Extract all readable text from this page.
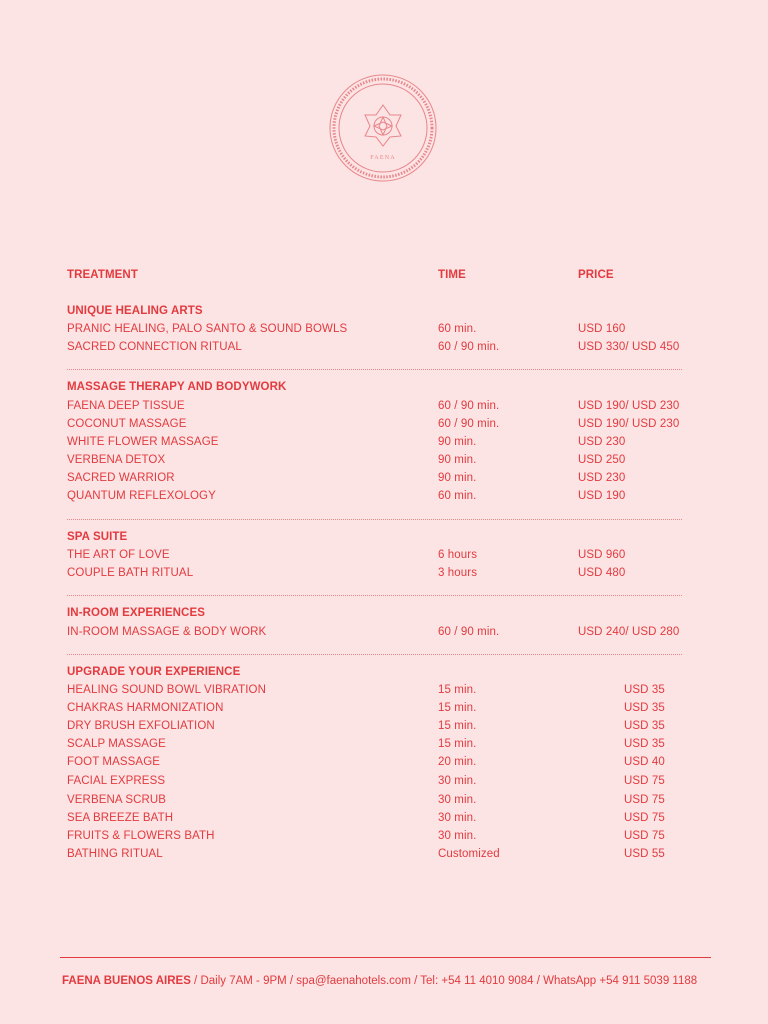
FAENA
TREATMENT	TIME	PRICE
UNIQUE HEALING ARTS
PRANIC HEALING, PALO SANTO & SOUND BOWLS	60 min.	USD 160
SACRED CONNECTION RITUAL	60 / 90 min.	USD 330/ USD 450
MASSAGE THERAPY AND BODYWORK
FAENA DEEP TISSUE	60 / 90 min.	USD 190/ USD 230
COCONUT MASSAGE	60 / 90 min.	USD 190/ USD 230
WHITE FLOWER MASSAGE	90 min.	USD 230
VERBENA DETOX	90 min.	USD 250
SACRED WARRIOR	90 min.	USD 230
QUANTUM REFLEXOLOGY	60 min.	USD 190
SPA SUITE
THE ART OF LOVE	6 hours	USD 960
COUPLE BATH RITUAL	3 hours	USD 480
IN-ROOM EXPERIENCES
IN-ROOM MASSAGE & BODY WORK	60 / 90 min.	USD 240/ USD 280
UPGRADE YOUR EXPERIENCE
HEALING SOUND BOWL VIBRATION	15 min.	USD 35
CHAKRAS HARMONIZATION	15 min.	USD 35
DRY BRUSH EXFOLIATION	15 min.	USD 35
SCALP MASSAGE	15 min.	USD 35
FOOT MASSAGE	20 min.	USD 40
FACIAL EXPRESS	30 min.	USD 75
VERBENA SCRUB	30 min.	USD 75
SEA BREEZE BATH	30 min.	USD 75
FRUITS & FLOWERS BATH	30 min.	USD 75
BATHING RITUAL	Customized	USD 55
FAENA BUENOS AIRES / Daily 7AM - 9PM / spa@faenahotels.com / Tel: +54 11 4010 9084 / WhatsApp +54 911 5039 1188
